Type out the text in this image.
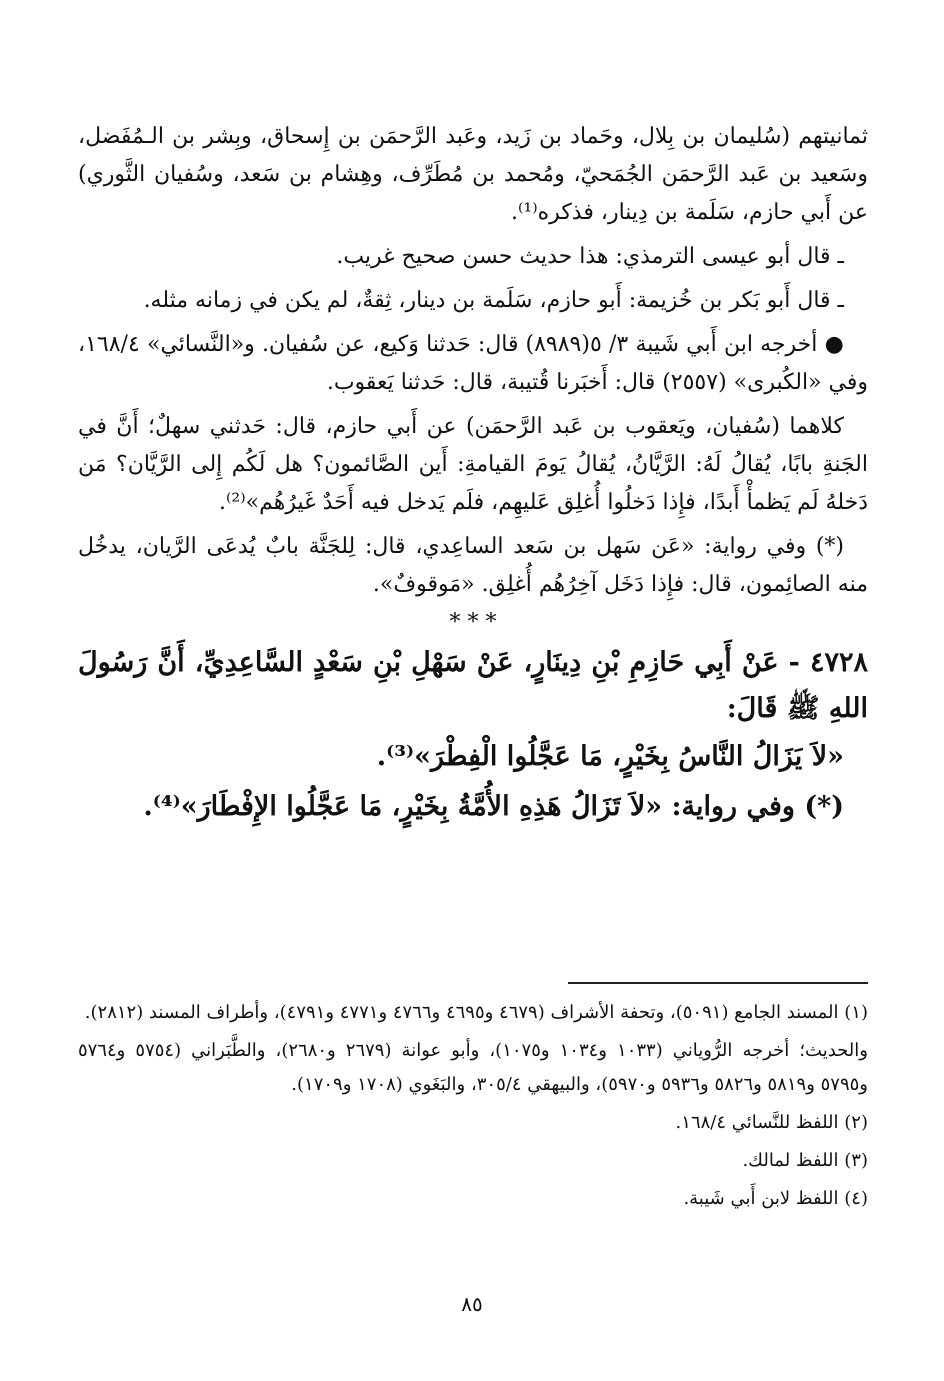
ثمانيتهم (سُليمان بن بِلال، وحَماد بن زَيد، وعَبد الرَّحمَن بن إِسحاق، وبِشر بن الـمُفَضل، وسَعيد بن عَبد الرَّحمَن الجُمَحيّ، ومُحمد بن مُطَرِّف، وهِشام بن سَعد، وسُفيان الثَّوري) عن أَبي حازم، سَلَمة بن دِينار، فذكره⁽¹⁾.

ـ قال أبو عيسى الترمذي: هذا حديث حسن صحيح غريب.

ـ قال أَبو بَكر بن خُزيمة: أَبو حازم، سَلَمة بن دينار، ثِقةٌ، لم يكن في زمانه مثله.

● أخرجه ابن أَبي شَيبة ٣/ ٥(٨٩٨٩) قال: حَدثنا وَكيع، عن سُفيان. و«النَّسائي» ١٦٨/٤، وفي «الكُبرى» (٢٥٥٧) قال: أَخبَرنا قُتيبة، قال: حَدثنا يَعقوب.

كلاهما (سُفيان، ويَعقوب بن عَبد الرَّحمَن) عن أَبي حازم، قال: حَدثني سهلٌ؛ أَنَّ في الجَنةِ بابًا، يُقالُ لَهُ: الرَّيَّانُ، يُقالُ يَومَ القيامةِ: أَين الصَّائمون؟ هل لَكُم إِلى الرَّيَّان؟ مَن دَخلهُ لَم يَظمأْ أَبدًا، فإِذا دَخلُوا أُغلِق عَليهِم، فلَم يَدخل فيه أَحَدٌ غَيرُهُم»⁽²⁾.

(*) وفي رواية: «عَن سَهل بن سَعد الساعِدي، قال: لِلجَنَّة بابٌ يُدعَى الرَّيان، يدخُل منه الصائِمون، قال: فإِذا دَخَل آخِرُهُم أُغلِق. «مَوقوفٌ».

* * *

٤٧٢٨ - عَنْ أَبِي حَازِمِ بْنِ دِينَارٍ، عَنْ سَهْلِ بْنِ سَعْدٍ السَّاعِدِيِّ، أَنَّ رَسُولَ اللهِ ﷺ قَالَ:

«لاَ يَزَالُ النَّاسُ بِخَيْرٍ، مَا عَجَّلُوا الْفِطْرَ»⁽³⁾.

(*) وفي رواية: «لاَ تَزَالُ هَذِهِ الأُمَّةُ بِخَيْرٍ، مَا عَجَّلُوا الإِفْطَارَ»⁽⁴⁾.

(١) المسند الجامع (٥٠٩١)، وتحفة الأشراف (٤٦٧٩ و٤٦٩٥ و٤٧٦٦ و٤٧٧١ و٤٧٩١)، وأطراف المسند (٢٨١٢).

والحديث؛ أخرجه الرُّوياني (١٠٣٣ و١٠٣٤ و١٠٧٥)، وأبو عوانة (٢٦٧٩ و٢٦٨٠)، والطَّبَراني (٥٧٥٤ و٥٧٦٤ و٥٧٩٥ و٥٨١٩ و٥٨٢٦ و٥٩٣٦ و٥٩٧٠)، والبيهقي ٣٠٥/٤، والبَغَوي (١٧٠٨ و١٧٠٩).

(٢) اللفظ للنَّسائي ١٦٨/٤.

(٣) اللفظ لمالك.

(٤) اللفظ لابن أَبي شَيبة.

٨٥
